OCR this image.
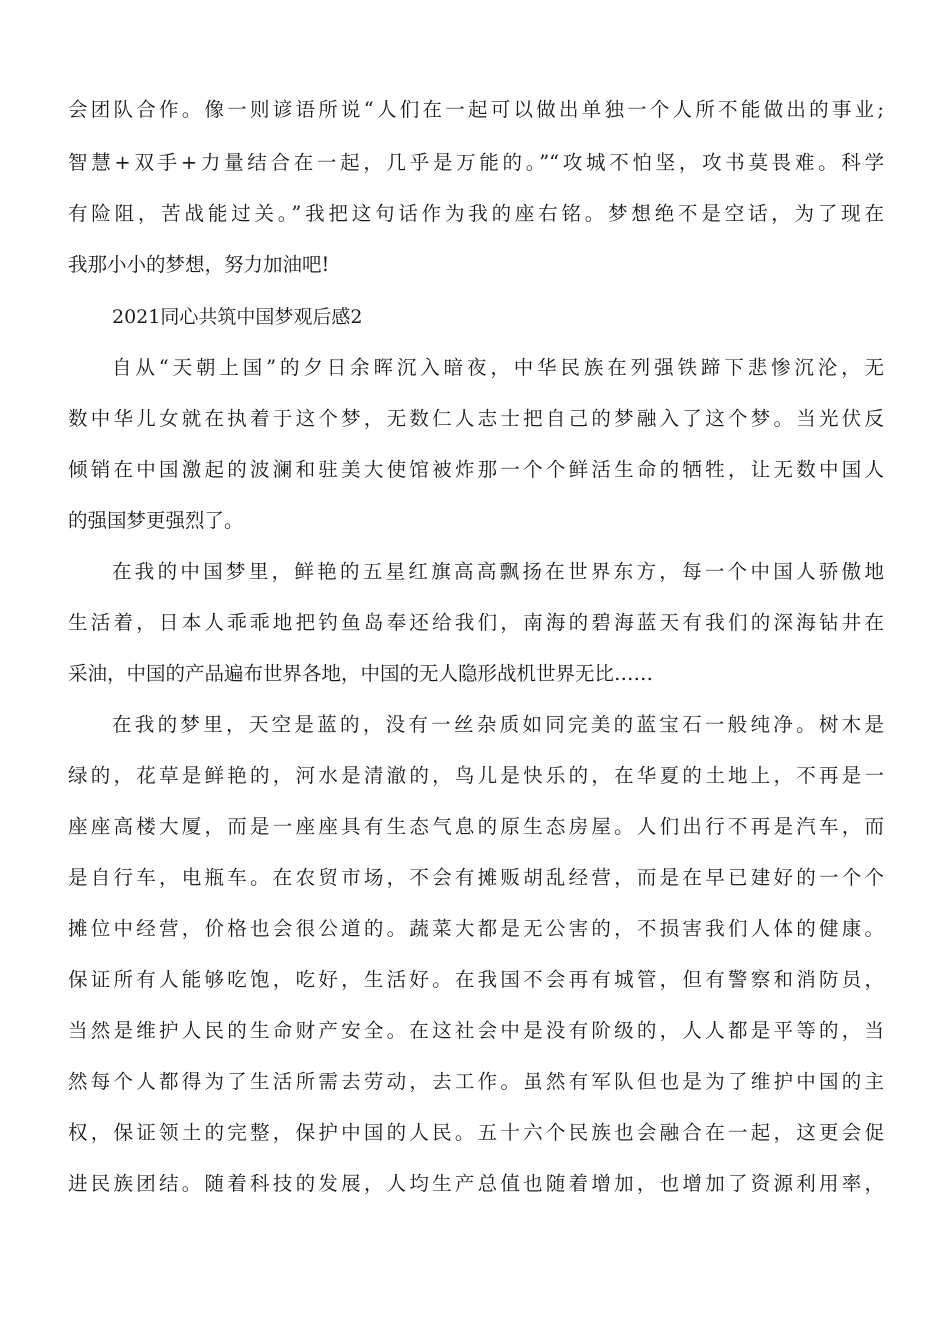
会团队合作。像一则谚语所说“人们在一起可以做出单独一个人所不能做出的事业;
智慧+双手+力量结合在一起，几乎是万能的。”“攻城不怕坚，攻书莫畏难。科学
有险阻，苦战能过关。”我把这句话作为我的座右铭。梦想绝不是空话，为了现在
我那小小的梦想，努力加油吧!
2021同心共筑中国梦观后感2
自从“天朝上国”的夕日余晖沉入暗夜，中华民族在列强铁蹄下悲惨沉沦，无
数中华儿女就在执着于这个梦，无数仁人志士把自己的梦融入了这个梦。当光伏反
倾销在中国激起的波澜和驻美大使馆被炸那一个个鲜活生命的牺牲，让无数中国人
的强国梦更强烈了。
在我的中国梦里，鲜艳的五星红旗高高飘扬在世界东方，每一个中国人骄傲地
生活着，日本人乖乖地把钓鱼岛奉还给我们，南海的碧海蓝天有我们的深海钻井在
采油，中国的产品遍布世界各地，中国的无人隐形战机世界无比……
在我的梦里，天空是蓝的，没有一丝杂质如同完美的蓝宝石一般纯净。树木是
绿的，花草是鲜艳的，河水是清澈的，鸟儿是快乐的，在华夏的土地上，不再是一
座座高楼大厦，而是一座座具有生态气息的原生态房屋。人们出行不再是汽车，而
是自行车，电瓶车。在农贸市场，不会有摊贩胡乱经营，而是在早已建好的一个个
摊位中经营，价格也会很公道的。蔬菜大都是无公害的，不损害我们人体的健康。
保证所有人能够吃饱，吃好，生活好。在我国不会再有城管，但有警察和消防员，
当然是维护人民的生命财产安全。在这社会中是没有阶级的，人人都是平等的，当
然每个人都得为了生活所需去劳动，去工作。虽然有军队但也是为了维护中国的主
权，保证领土的完整，保护中国的人民。五十六个民族也会融合在一起，这更会促
进民族团结。随着科技的发展，人均生产总值也随着增加，也增加了资源利用率，
